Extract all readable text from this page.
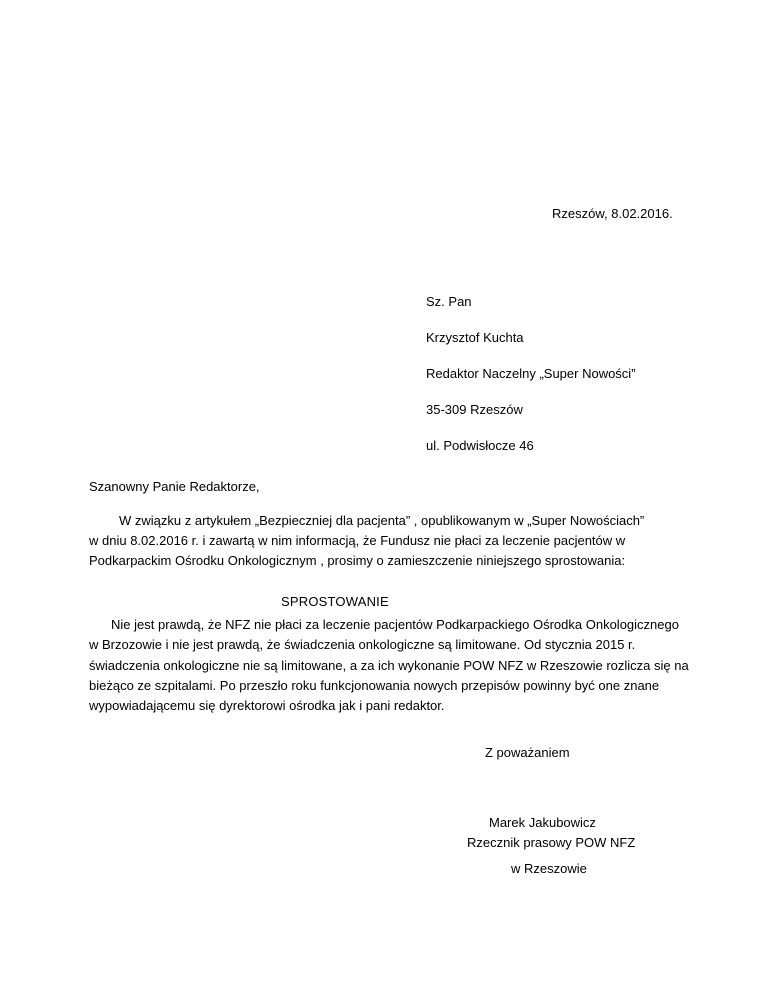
Rzeszów, 8.02.2016.
Sz. Pan
Krzysztof Kuchta
Redaktor Naczelny „Super Nowości”
35-309 Rzeszów
ul. Podwisłocze 46
Szanowny Panie Redaktorze,
W związku z artykułem „Bezpieczniej dla pacjenta” , opublikowanym w „Super Nowościach”
w dniu 8.02.2016 r. i zawartą w nim informacją, że Fundusz nie płaci za leczenie pacjentów w
Podkarpackim Ośrodku Onkologicznym , prosimy o zamieszczenie niniejszego sprostowania:
SPROSTOWANIE
Nie jest prawdą, że NFZ nie płaci za leczenie pacjentów Podkarpackiego Ośrodka Onkologicznego
w Brzozowie i nie jest prawdą, że świadczenia onkologiczne są limitowane. Od stycznia 2015 r.
świadczenia onkologiczne nie są limitowane, a za ich wykonanie POW NFZ w Rzeszowie rozlicza się na
bieżąco ze szpitalami. Po przeszło roku funkcjonowania nowych przepisów powinny być one znane
wypowiadającemu się dyrektorowi ośrodka jak i pani redaktor.
Z poważaniem
Marek Jakubowicz
Rzecznik prasowy POW NFZ
w Rzeszowie
